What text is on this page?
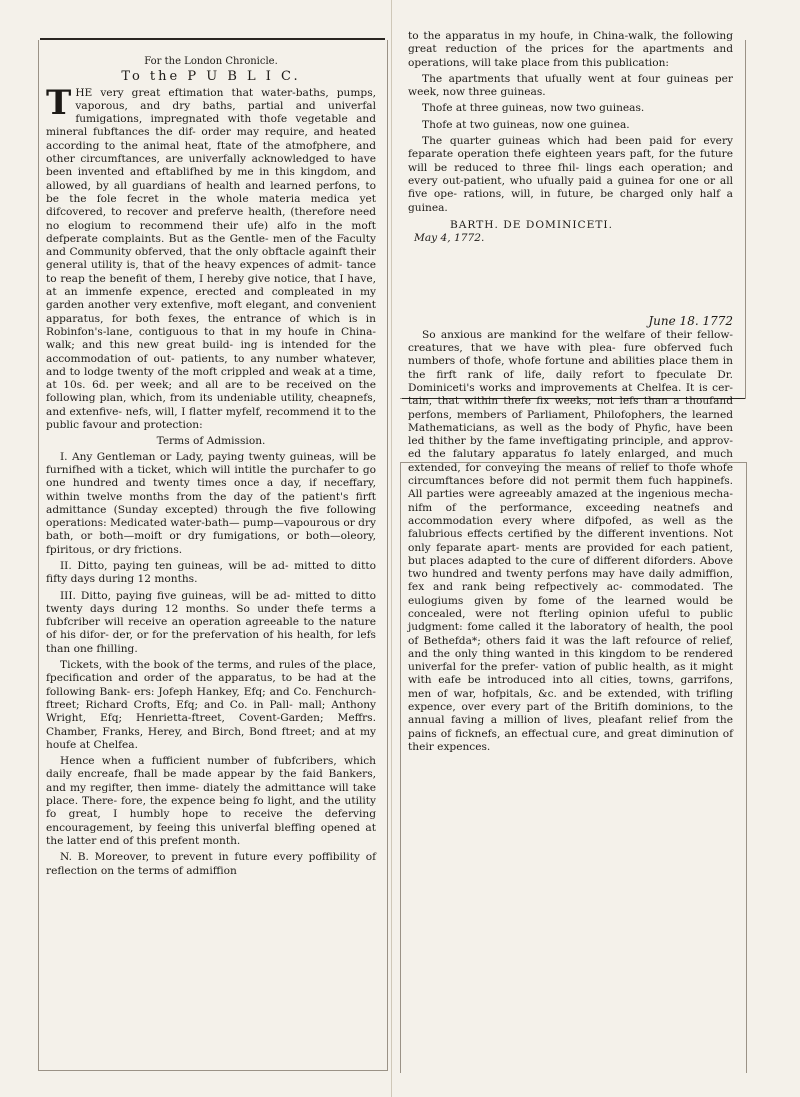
For the London Chronicle.
To the P U B L I C.

THE very great eftimation that water-baths, pumps, vaporous, and dry baths, partial and univerfal fumigations, impregnated with thofe vegetable and mineral fubftances the dif- order may require, and heated according to the animal heat, ftate of the atmofphere, and other circumftances, are univerfally acknowledged to have been invented and eftablifhed by me in this kingdom, and allowed, by all guardians of health and learned perfons, to be the fole fecret in the whole materia medica yet difcovered, to recover and preferve health, (therefore need no elogium to recommend their ufe) alfo in the moft defperate complaints. But as the Gentle- men of the Faculty and Community obferved, that the only obftacle againft their general utility is, that of the heavy expences of admit- tance to reap the benefit of them, I hereby give notice, that I have, at an immenfe expence, erected and compleated in my garden another very extenfive, moft elegant, and convenient apparatus, for both fexes, the entrance of which is in Robinfon's-lane, contiguous to that in my houfe in China-walk; and this new great build- ing is intended for the accommodation of out- patients, to any number whatever, and to lodge twenty of the moft crippled and weak at a time, at 10s. 6d. per week; and all are to be received on the following plan, which, from its undeniable utility, cheapnefs, and extenfive- nefs, will, I flatter myfelf, recommend it to the public favour and protection:

Terms of Admission.

I. Any Gentleman or Lady, paying twenty guineas, will be furnifhed with a ticket, which will intitle the purchafer to go one hundred and twenty times once a day, if neceffary, within twelve months from the day of the patient's firft admittance (Sunday excepted) through the five following operations: Medicated water-bath— pump—vapourous or dry bath, or both—moift or dry fumigations, or both—oleory, fpiritous, or dry frictions.

II. Ditto, paying ten guineas, will be ad- mitted to ditto fifty days during 12 months.

III. Ditto, paying five guineas, will be ad- mitted to ditto twenty days during 12 months. So under thefe terms a fubfcriber will receive an operation agreeable to the nature of his difor- der, or for the prefervation of his health, for lefs than one fhilling.

Tickets, with the book of the terms, and rules of the place, fpecification and order of the apparatus, to be had at the following Bank- ers: Jofeph Hankey, Efq; and Co. Fenchurch- ftreet; Richard Crofts, Efq; and Co. in Pall- mall; Anthony Wright, Efq; Henrietta-ftreet, Covent-Garden; Meffrs. Chamber, Franks, Herey, and Birch, Bond ftreet; and at my houfe at Chelfea.

Hence when a fufficient number of fubfcribers, which daily encreafe, fhall be made appear by the faid Bankers, and my regifter, then imme- diately the admittance will take place. There- fore, the expence being fo light, and the utility fo great, I humbly hope to receive the deferving encouragement, by feeing this univerfal bleffing opened at the latter end of this prefent month.

N. B. Moreover, to prevent in future every poffibility of reflection on the terms of admiffion

to the apparatus in my houfe, in China-walk, the following great reduction of the prices for the apartments and operations, will take place from this publication:

The apartments that ufually went at four guineas per week, now three guineas.

Thofe at three guineas, now two guineas.

Thofe at two guineas, now one guinea.

The quarter guineas which had been paid for every feparate operation thefe eighteen years paft, for the future will be reduced to three fhil- lings each operation; and every out-patient, who ufually paid a guinea for one or all five ope- rations, will, in future, be charged only half a guinea.

BARTH. DE DOMINICETI.
May 4, 1772.
June 18. 1772

So anxious are mankind for the welfare of their fellow-creatures, that we have with plea- fure obferved fuch numbers of thofe, whofe fortune and abilities place them in the firft rank of life, daily refort to fpeculate Dr. Dominiceti's works and improvements at Chelfea. It is cer- tain, that within thefe fix weeks, not lefs than a thoufand perfons, members of Parliament, Philofophers, the learned Mathematicians, as well as the body of Phyfic, have been led thither by the fame inveftigating principle, and approv- ed the falutary apparatus fo lately enlarged, and much extended, for conveying the means of relief to thofe whofe circumftances before did not permit them fuch happinefs. All parties were agreeably amazed at the ingenious mecha- nifm of the performance, exceeding neatnefs and accommodation every where difpofed, as well as the falubrious effects certified by the different inventions. Not only feparate apart- ments are provided for each patient, but places adapted to the cure of different diforders. Above two hundred and twenty perfons may have daily admiffion, fex and rank being refpectively ac- commodated. The eulogiums given by fome of the learned would be concealed, were not fterling opinion ufeful to public judgment: fome called it the laboratory of health, the pool of Bethefda*; others faid it was the laft refource of relief, and the only thing wanted in this kingdom to be rendered univerfal for the prefer- vation of public health, as it might with eafe be introduced into all cities, towns, garrifons, men of war, hofpitals, &c. and be extended, with trifling expence, over every part of the Britifh dominions, to the annual faving a million of lives, pleafant relief from the pains of ficknefs, an effectual cure, and great diminution of their expences.
